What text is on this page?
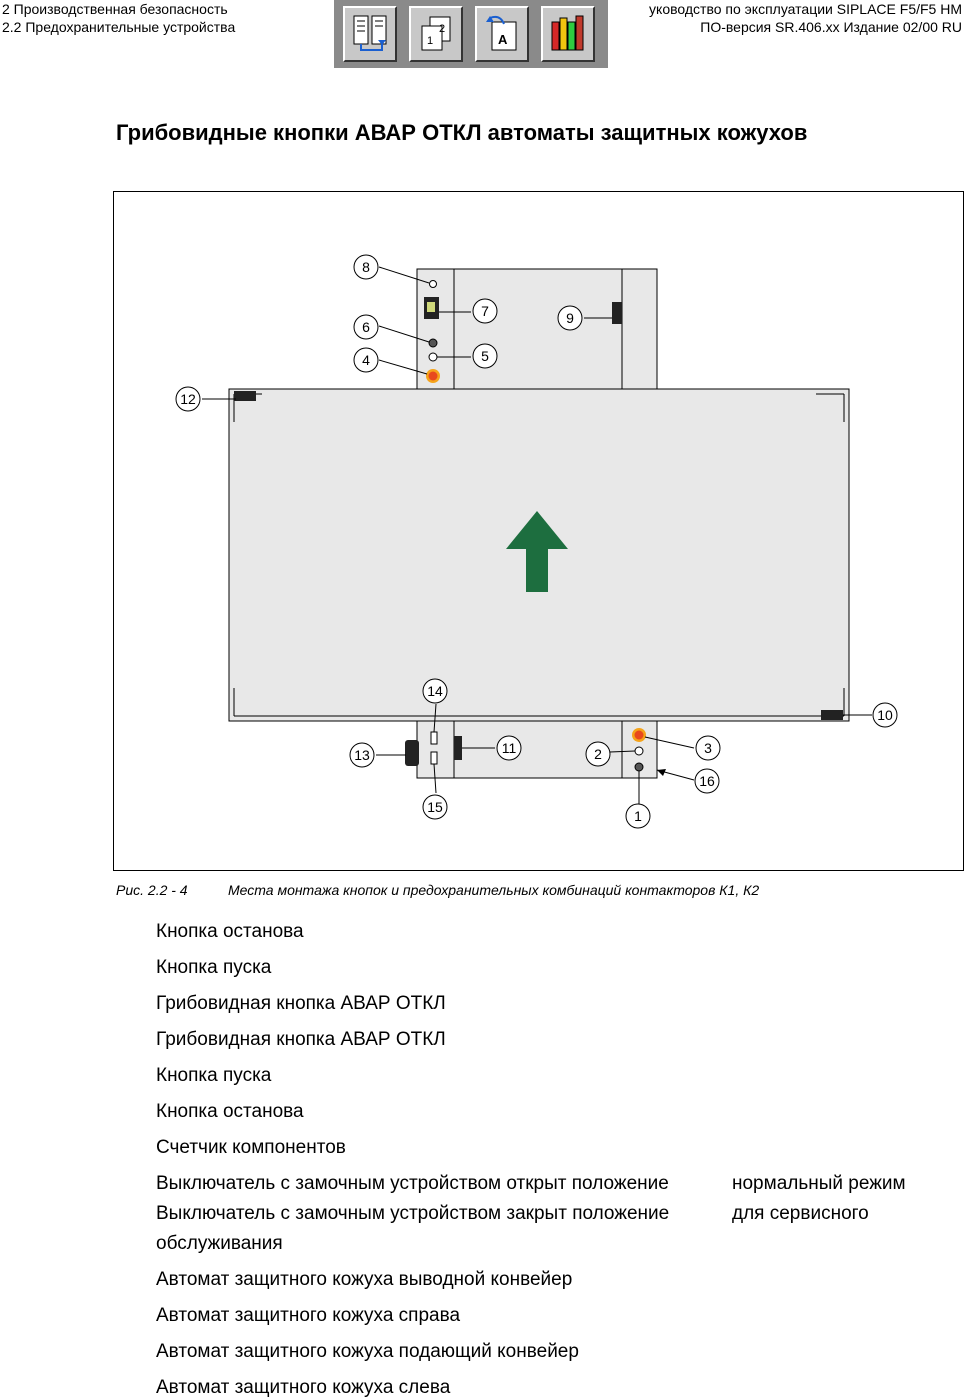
2 Производственная безопасность
2.2 Предохранительные устройства
уководство по эксплуатации SIPLACE F5/F5 HM
ПО-версия SR.406.xx Издание 02/00 RU
1
2
A
Грибовидные кнопки АВАР ОТКЛ автоматы защитных кожухов
1
2	3
4	5
6
7
8
9
10
11
12
13
14
15
16
Рис. 2.2 - 4	Места монтажа кнопок и предохранительных комбинаций контакторов К1, К2
Кнопка останова
Кнопка пуска
Грибовидная кнопка АВАР ОТКЛ
Грибовидная кнопка АВАР ОТКЛ
Кнопка пуска
Кнопка останова
Счетчик компонентов
Выключатель с замочным устройством открыт положение	нормальный режим
Выключатель с замочным устройством закрыт положение	для сервисного
обслуживания
Автомат защитного кожуха выводной конвейер
Автомат защитного кожуха справа
Автомат защитного кожуха подающий конвейер
Автомат защитного кожуха слева
